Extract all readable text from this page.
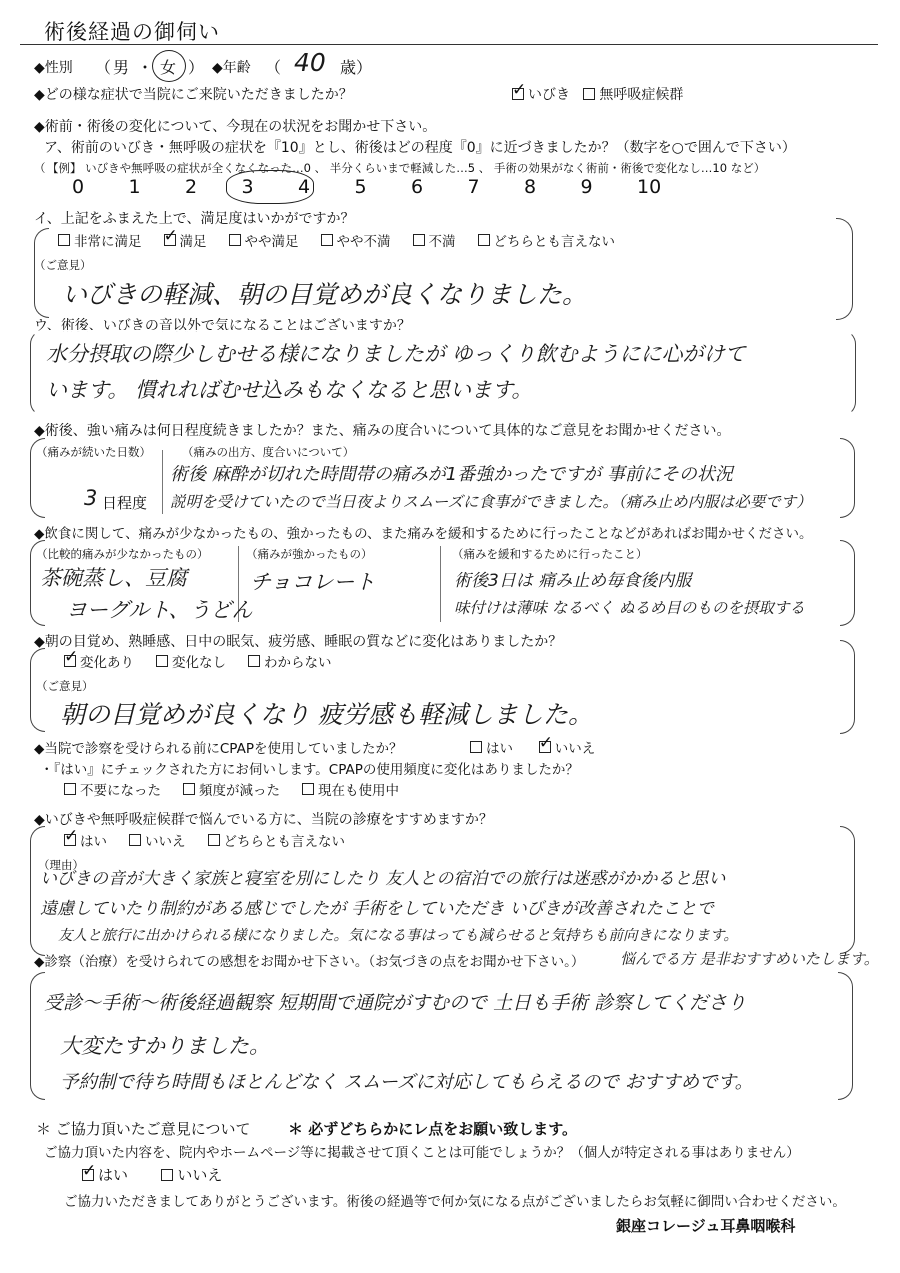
術後経過の御伺い
◆性別 （ 男 ・ 女 ） ◆年齢 （ 40 歳）
◆どの様な症状で当院にご来院いただきましたか？ ✓	いびき
無呼吸症候群
◆術前・術後の変化について、今現在の状況をお聞かせ下さい。
ア、術前のいびき・無呼吸の症状を『10』とし、術後はどの程度『0』に近づきましたか？（数字を○で囲んで下さい）
（ 【例】 いびきや無呼吸の症状が全くなくなった…0 、 半分くらいまで軽減した…5 、 手術の効果がなく術前・術後で変化なし…10 など）
0	1	2	3	4	5	6	7	8	9	10
イ、上記をふまえた上で、満足度はいかがですか？
非常に満足 ✓	満足	やや満足	やや不満	不満	どちらとも言えない
（ご意見）
いびきの軽減、朝の目覚めが良くなりました。
ウ、術後、いびきの音以外で気になることはございますか？
水分摂取の際少しむせる様になりましたが ゆっくり飲むようにに心がけて
います。 慣れればむせ込みもなくなると思います。
◆術後、強い痛みは何日程度続きましたか？また、痛みの度合いについて具体的なご意見をお聞かせください。
（痛みが続いた日数）
3 日程度
（痛みの出方、度合いについて）
術後 麻酔が切れた時間帯の痛みが1番強かったですが 事前にその状況
説明を受けていたので当日夜よりスムーズに食事ができました。（痛み止め内服は必要です）
◆飲食に関して、痛みが少なかったもの、強かったもの、また痛みを緩和するために行ったことなどがあればお聞かせください。
（比較的痛みが少なかったもの）
茶碗蒸し、豆腐
ヨーグルト、うどん
（痛みが強かったもの）
チョコレート
（痛みを緩和するために行ったこと）
術後3日は 痛み止め毎食後内服
味付けは薄味 なるべく ぬるめ目のものを摂取する
◆朝の目覚め、熟睡感、日中の眠気、疲労感、睡眠の質などに変化はありましたか？
✓
変化あり	変化なし	わからない
（ご意見）
朝の目覚めが良くなり 疲労感も軽減しました。
◆当院で診察を受けられる前にCPAPを使用していましたか？	はい
✓	いいえ
・『はい』にチェックされた方にお伺いします。CPAPの使用頻度に変化はありましたか？
不要になった	頻度が減った	現在も使用中
◆いびきや無呼吸症候群で悩んでいる方に、当院の診療をすすめますか？
✓
はい	いいえ	どちらとも言えない
（理由）
いびきの音が大きく家族と寝室を別にしたり 友人との宿泊での旅行は迷惑がかかると思い
遠慮していたり制約がある感じでしたが 手術をしていただき いびきが改善されたことで
友人と旅行に出かけられる様になりました。気になる事はっても減らせると気持ちも前向きになります。
悩んでる方 是非おすすめいたします。
◆診察（治療）を受けられての感想をお聞かせ下さい。（お気づきの点をお聞かせ下さい。）
受診～手術～術後経過観察 短期間で通院がすむので 土日も手術 診察してくださり
大変たすかりました。
予約制で待ち時間もほとんどなく スムーズに対応してもらえるので おすすめです。
＊ ご協力頂いたご意見について	＊ 必ずどちらかにレ点をお願い致します。
ご協力頂いた内容を、院内やホームページ等に掲載させて頂くことは可能でしょうか？（個人が特定される事はありません）
✓
はい
	いいえ
ご協力いただきましてありがとうございます。術後の経過等で何か気になる点がございましたらお気軽に御問い合わせください。
銀座コレージュ耳鼻咽喉科
